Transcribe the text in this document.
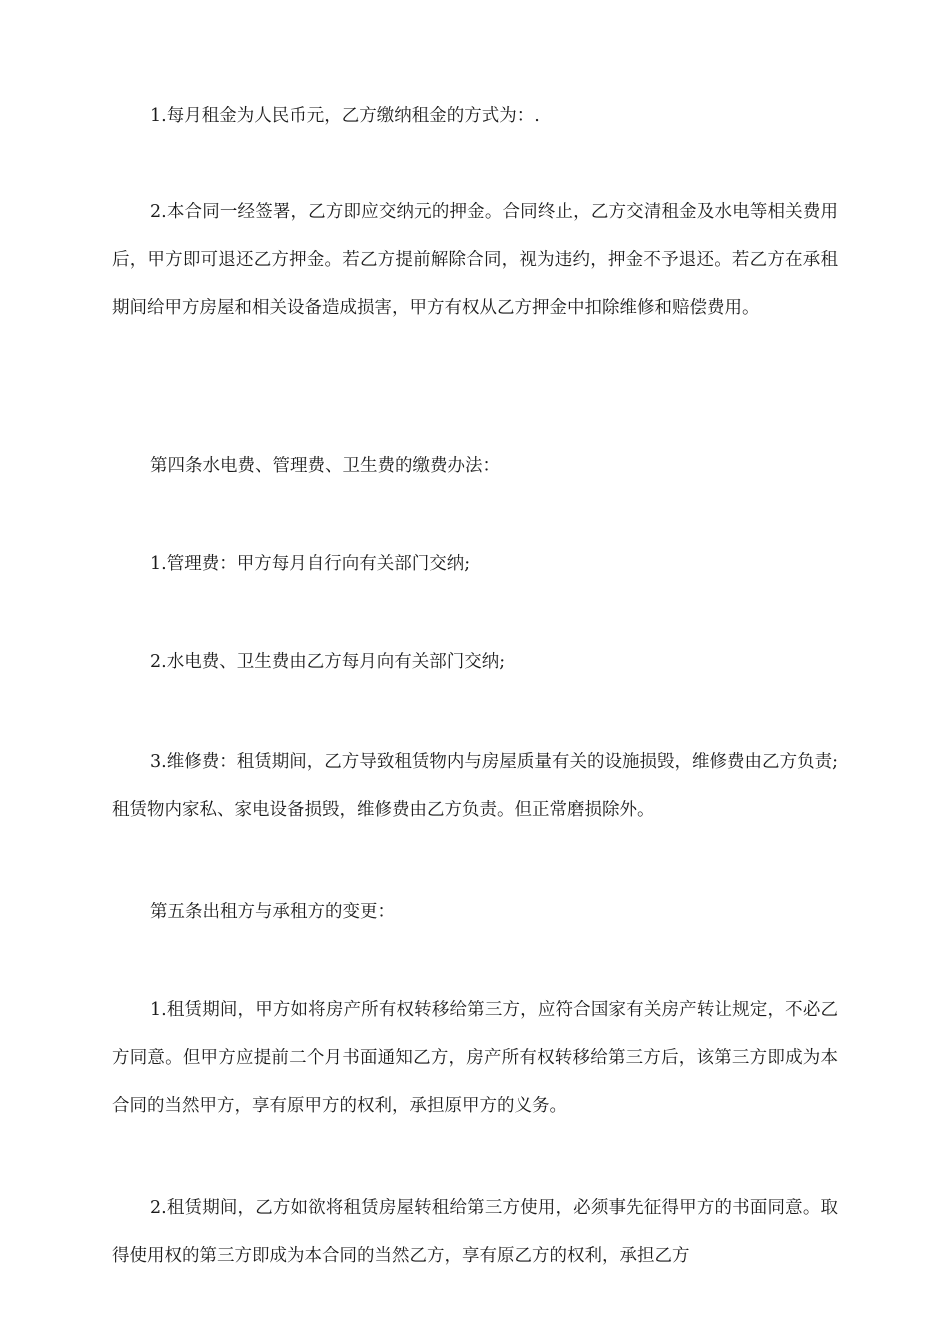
1.每月租金为人民币元，乙方缴纳租金的方式为：.

2.本合同一经签署，乙方即应交纳元的押金。合同终止，乙方交清租金及水电等相关费用后，甲方即可退还乙方押金。若乙方提前解除合同，视为违约，押金不予退还。若乙方在承租期间给甲方房屋和相关设备造成损害，甲方有权从乙方押金中扣除维修和赔偿费用。

第四条水电费、管理费、卫生费的缴费办法：

1.管理费：甲方每月自行向有关部门交纳;

2.水电费、卫生费由乙方每月向有关部门交纳;

3.维修费：租赁期间，乙方导致租赁物内与房屋质量有关的设施损毁，维修费由乙方负责;租赁物内家私、家电设备损毁，维修费由乙方负责。但正常磨损除外。

第五条出租方与承租方的变更：

1.租赁期间，甲方如将房产所有权转移给第三方，应符合国家有关房产转让规定，不必乙方同意。但甲方应提前二个月书面通知乙方，房产所有权转移给第三方后，该第三方即成为本合同的当然甲方，享有原甲方的权利，承担原甲方的义务。

2.租赁期间，乙方如欲将租赁房屋转租给第三方使用，必须事先征得甲方的书面同意。取得使用权的第三方即成为本合同的当然乙方，享有原乙方的权利，承担乙方
